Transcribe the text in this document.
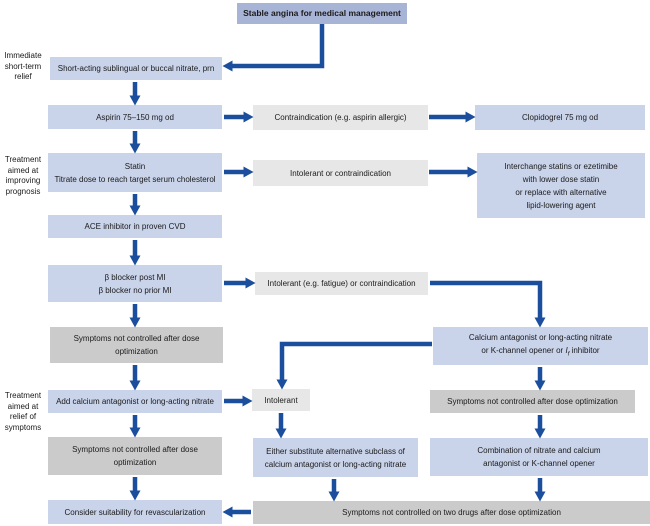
Immediate
short-term
relief
Treatment
aimed at
improving
prognosis
Treatment
aimed at
relief of
symptoms
Stable angina for medical management
Short-acting sublingual or buccal nitrate, prn
Aspirin 75–150 mg od	Contraindication (e.g. aspirin allergic)	Clopidogrel 75 mg od
Statin
Titrate dose to reach target serum cholesterol
Intolerant or contraindication
Interchange statins or ezetimibe
with lower dose statin
or replace with alternative
lipid-lowering agent
ACE inhibitor in proven CVD
β blocker post MI
β blocker no prior MI
Intolerant (e.g. fatigue) or contraindication
Symptoms not controlled after dose
optimization
Calcium antagonist or long-acting nitrate
or K-channel opener or $I_f$ inhibitor
Add calcium antagonist or long-acting nitrate	Intolerant	Symptoms not controlled after dose optimization
Symptoms not controlled after dose
optimization
Either substitute alternative subclass of
calcium antagonist or long-acting nitrate
Combination of nitrate and calcium
antagonist or K-channel opener
Consider suitability for revascularization	Symptoms not controlled on two drugs after dose optimization
